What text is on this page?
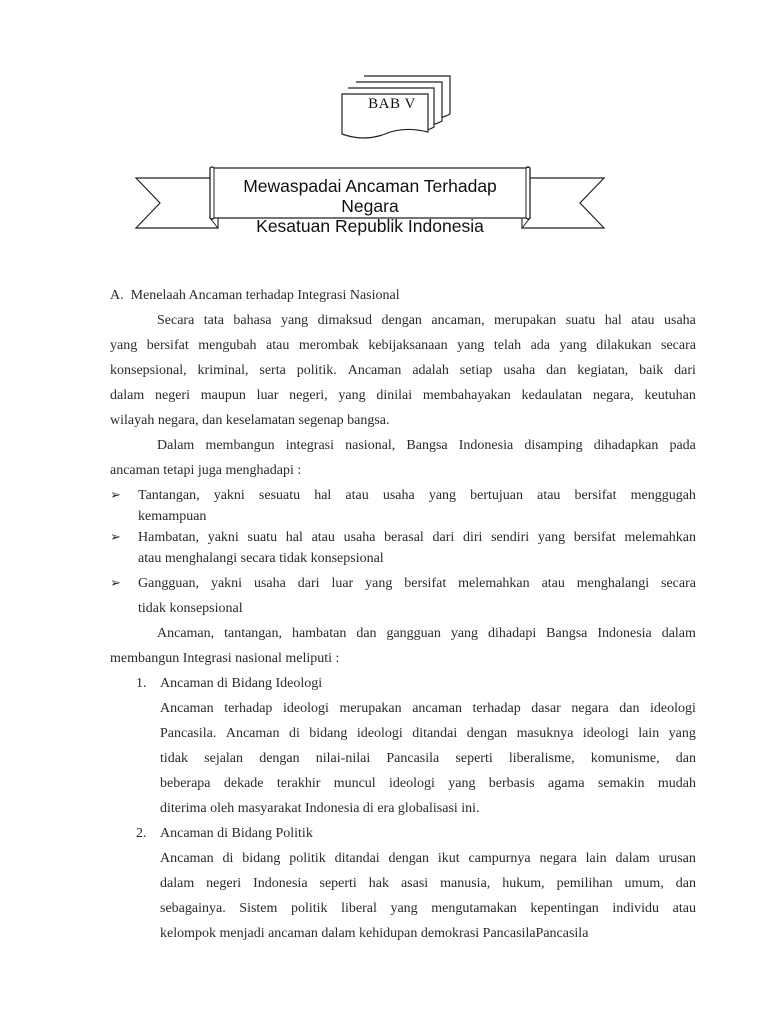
BAB V
Mewaspadai Ancaman Terhadap Negara
Kesatuan Republik Indonesia
A. Menelaah Ancaman terhadap Integrasi Nasional
Secara tata bahasa yang dimaksud dengan ancaman, merupakan suatu hal atau usaha
yang bersifat mengubah atau merombak kebijaksanaan yang telah ada yang dilakukan secara
konsepsional, kriminal, serta politik. Ancaman adalah setiap usaha dan kegiatan, baik dari
dalam negeri maupun luar negeri, yang dinilai membahayakan kedaulatan negara, keutuhan
wilayah negara, dan keselamatan segenap bangsa.
Dalam membangun integrasi nasional, Bangsa Indonesia disamping dihadapkan pada
ancaman tetapi juga menghadapi :
➢ Tantangan, yakni sesuatu hal atau usaha yang bertujuan atau bersifat menggugah
kemampuan
➢ Hambatan, yakni suatu hal atau usaha berasal dari diri sendiri yang bersifat melemahkan
atau menghalangi secara tidak konsepsional
➢ Gangguan, yakni usaha dari luar yang bersifat melemahkan atau menghalangi secara
tidak konsepsional
Ancaman, tantangan, hambatan dan gangguan yang dihadapi Bangsa Indonesia dalam
membangun Integrasi nasional meliputi :
1. Ancaman di Bidang Ideologi
Ancaman terhadap ideologi merupakan ancaman terhadap dasar negara dan ideologi
Pancasila. Ancaman di bidang ideologi ditandai dengan masuknya ideologi lain yang
tidak sejalan dengan nilai-nilai Pancasila seperti liberalisme, komunisme, dan
beberapa dekade terakhir muncul ideologi yang berbasis agama semakin mudah
diterima oleh masyarakat Indonesia di era globalisasi ini.
2. Ancaman di Bidang Politik
Ancaman di bidang politik ditandai dengan ikut campurnya negara lain dalam urusan
dalam negeri Indonesia seperti hak asasi manusia, hukum, pemilihan umum, dan
sebagainya. Sistem politik liberal yang mengutamakan kepentingan individu atau
kelompok menjadi ancaman dalam kehidupan demokrasi PancasilaPancasila
